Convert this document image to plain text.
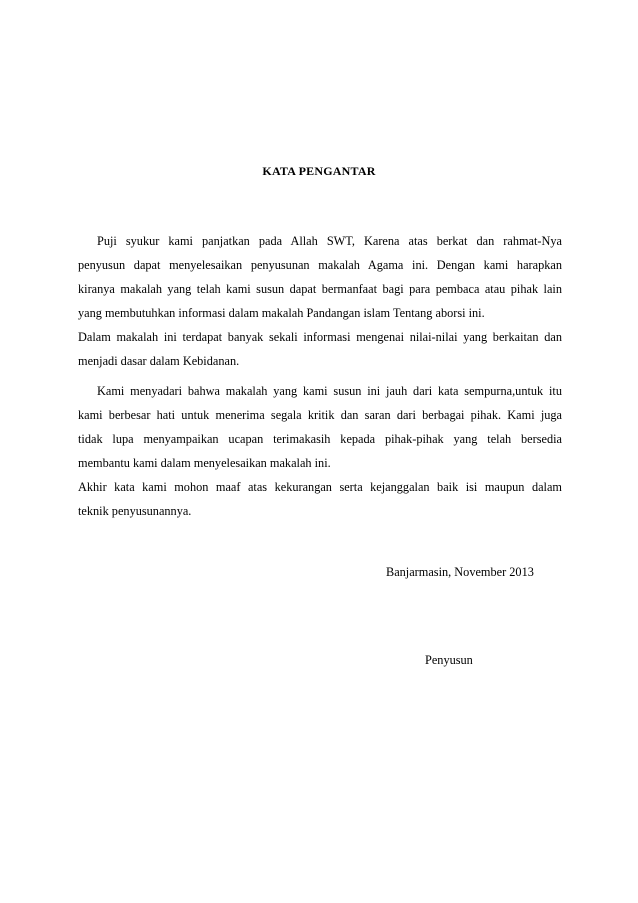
KATA PENGANTAR
Puji syukur kami panjatkan pada Allah SWT, Karena atas berkat dan rahmat-Nya
penyusun dapat menyelesaikan penyusunan makalah Agama ini. Dengan kami harapkan
kiranya makalah yang telah kami susun dapat bermanfaat bagi para pembaca atau pihak lain
yang membutuhkan informasi dalam makalah Pandangan islam Tentang aborsi ini.
Dalam makalah ini terdapat banyak sekali informasi mengenai nilai-nilai yang berkaitan dan
menjadi dasar dalam Kebidanan.
Kami menyadari bahwa makalah yang kami susun ini jauh dari kata sempurna,untuk itu
kami berbesar hati untuk menerima segala kritik dan saran dari berbagai pihak. Kami juga
tidak lupa menyampaikan ucapan terimakasih kepada pihak-pihak yang telah bersedia
membantu kami dalam menyelesaikan makalah ini.
Akhir kata kami mohon maaf atas kekurangan serta kejanggalan baik isi maupun dalam
teknik penyusunannya.
Banjarmasin, November 2013
Penyusun
